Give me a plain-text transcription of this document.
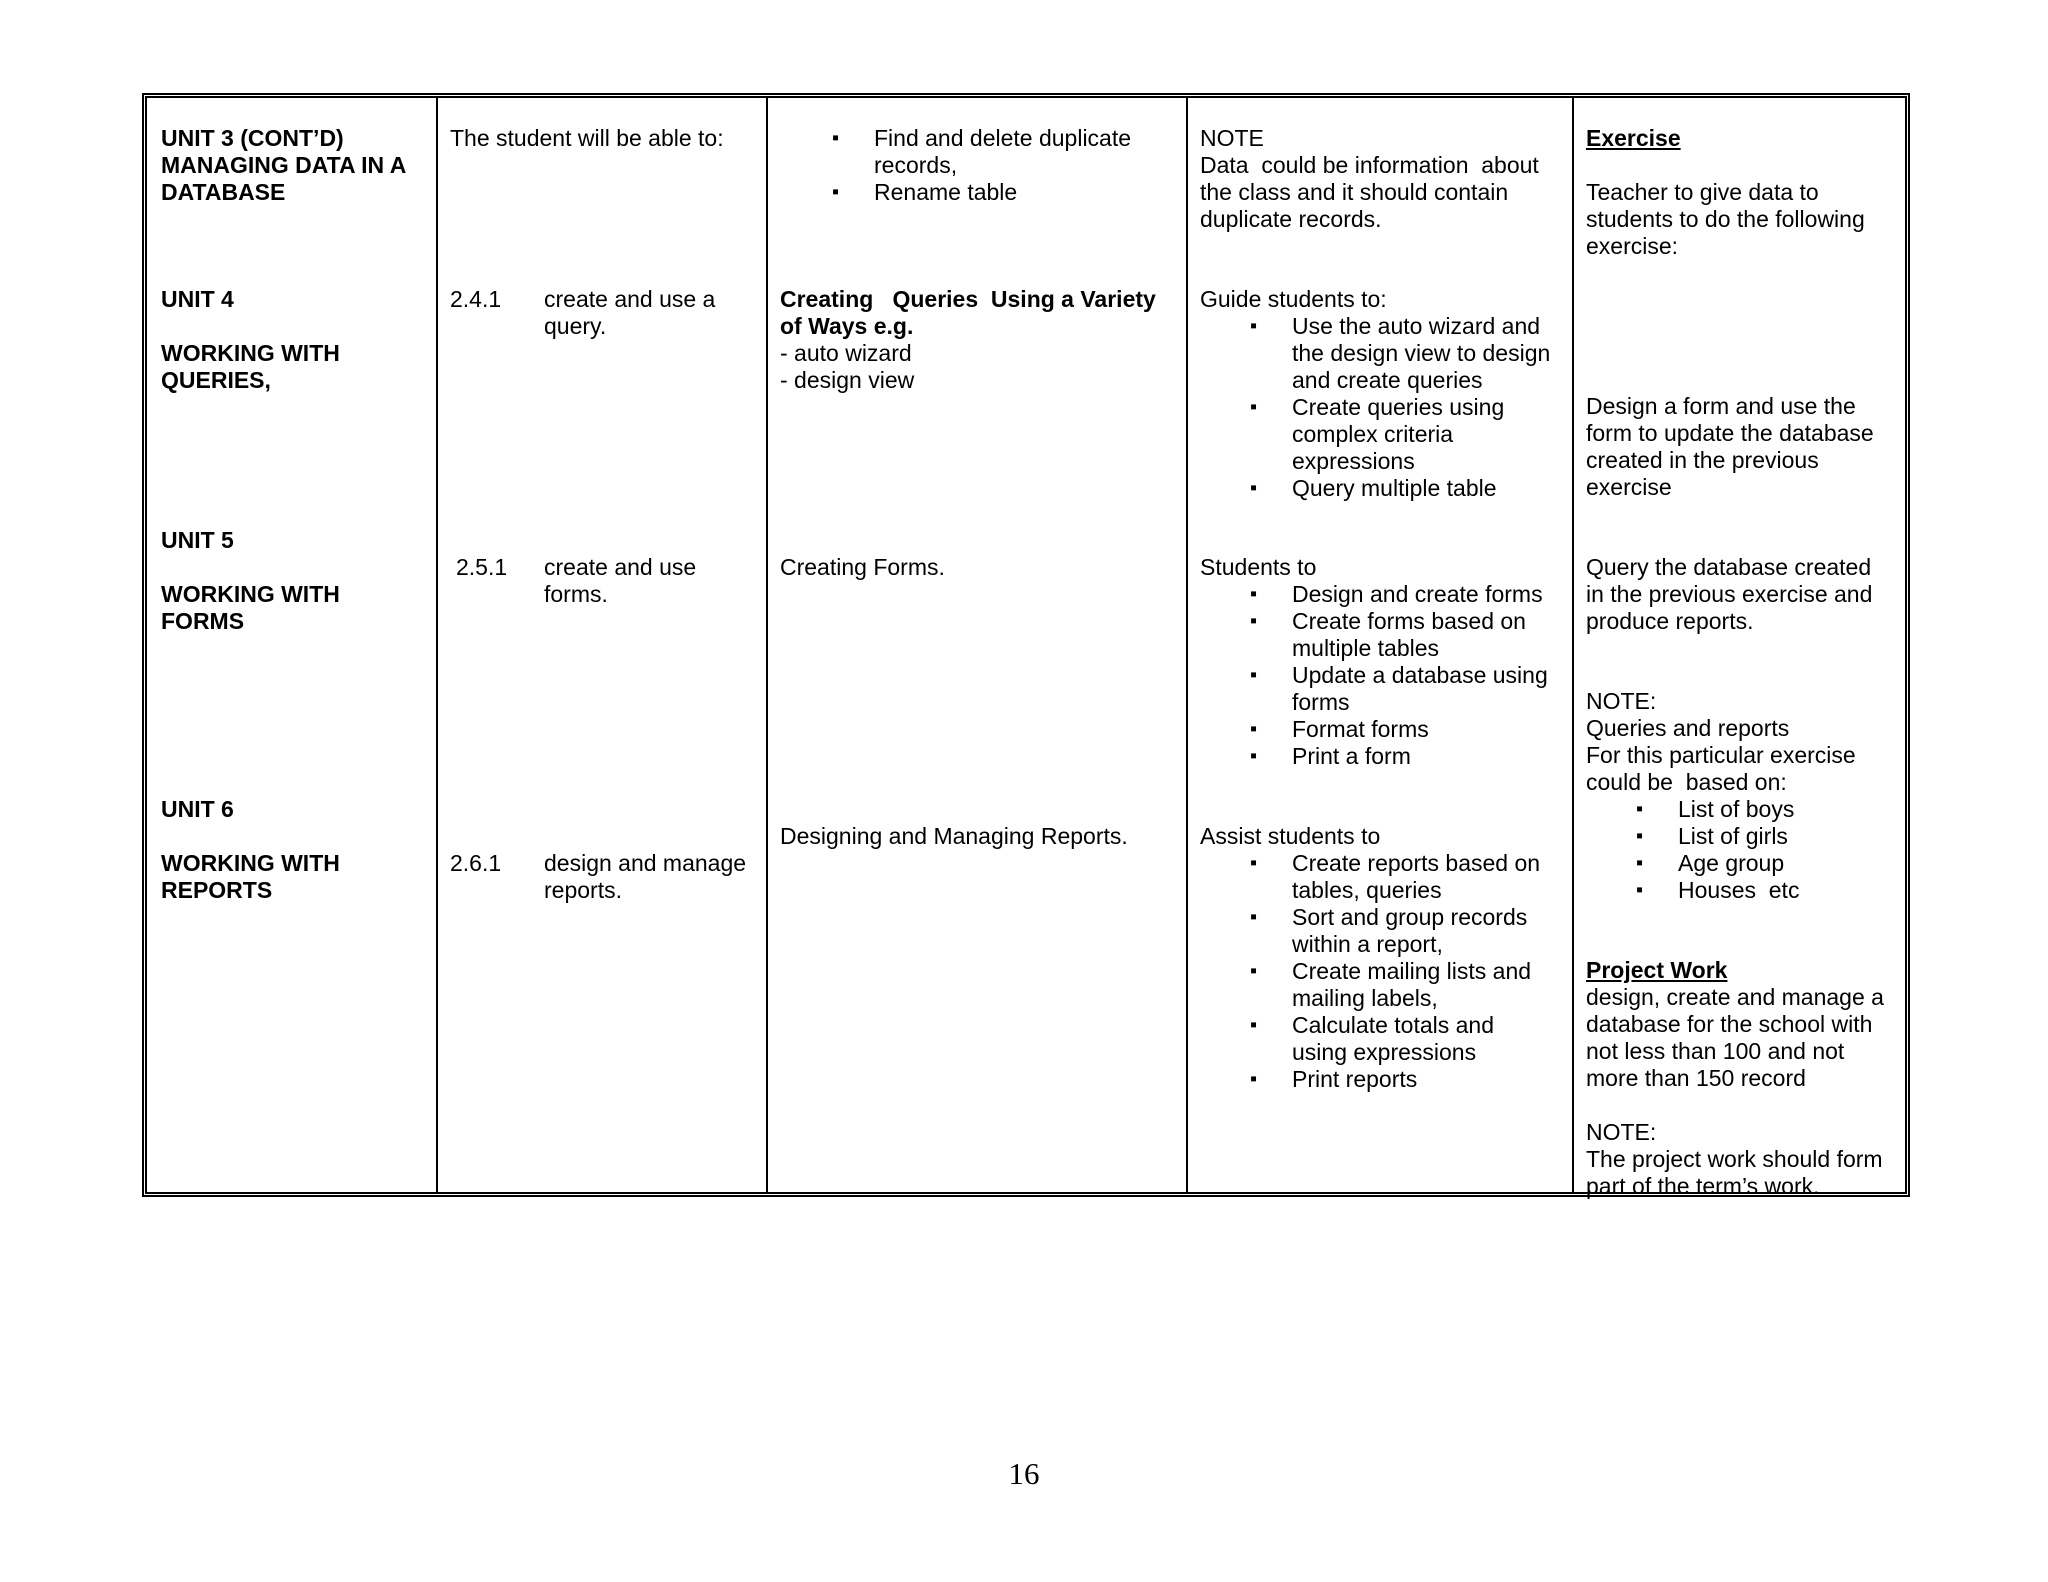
UNIT 3 (CONT’D)
MANAGING DATA IN A
DATABASE
UNIT 4
WORKING WITH
QUERIES,
UNIT 5
WORKING WITH
FORMS
UNIT 6
WORKING WITH
REPORTS
The student will be able to:
2.4.1 create and use a
query.
2.5.1 create and use
forms.
2.6.1 design and manage
reports.
▪ Find and delete duplicate
records,
▪ Rename table
Creating   Queries  Using a Variety
of Ways e.g.
- auto wizard
- design view
Creating Forms.
Designing and Managing Reports.
NOTE
Data  could be information  about
the class and it should contain
duplicate records.
Guide students to:
▪ Use the auto wizard and
the design view to design
and create queries
▪ Create queries using
complex criteria
expressions
▪ Query multiple table
Students to
▪ Design and create forms
▪ Create forms based on
multiple tables
▪ Update a database using
forms
▪ Format forms
▪ Print a form
Assist students to
▪ Create reports based on
tables, queries
▪ Sort and group records
within a report,
▪ Create mailing lists and
mailing labels,
▪ Calculate totals and
using expressions
▪ Print reports
Exercise
Teacher to give data to
students to do the following
exercise:
Design a form and use the
form to update the database
created in the previous
exercise
Query the database created
in the previous exercise and
produce reports.
NOTE:
Queries and reports
For this particular exercise
could be  based on:
▪ List of boys
▪ List of girls
▪ Age group
▪ Houses  etc
Project Work
design, create and manage a
database for the school with
not less than 100 and not
more than 150 record
NOTE:
The project work should form
part of the term’s work.
16
